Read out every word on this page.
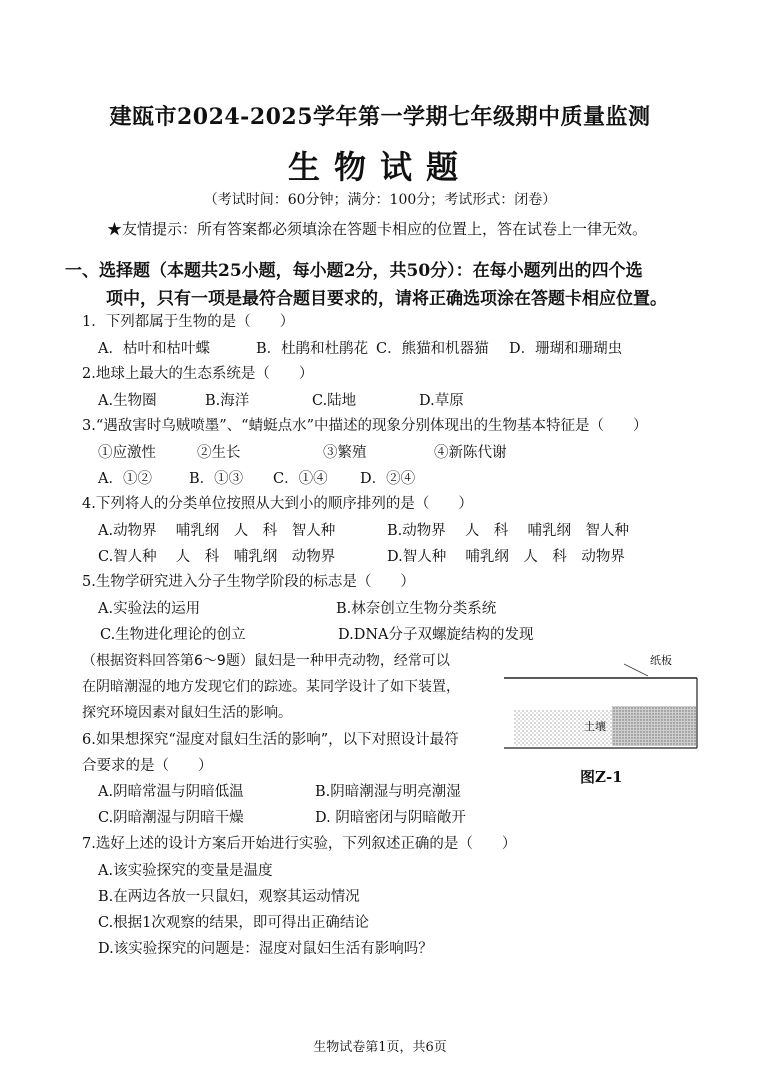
建瓯市2024-2025学年第一学期七年级期中质量监测
生物试题
（考试时间：60分钟；满分：100分；考试形式：闭卷）
★友情提示：所有答案都必须填涂在答题卡相应的位置上，答在试卷上一律无效。
一、选择题（本题共25小题，每小题2分，共50分）：在每小题列出的四个选
项中，只有一项是最符合题目要求的，请将正确选项涂在答题卡相应位置。
1．下列都属于生物的是（　　）
A．枯叶和枯叶蝶	B．杜鹃和杜鹃花 C．熊猫和机器猫 D．珊瑚和珊瑚虫
2.地球上最大的生态系统是（　　）
A.生物圈	B.海洋	C.陆地	D.草原
3.“遇敌害时乌贼喷墨”、“蜻蜓点水”中描述的现象分别体现出的生物基本特征是（　　）
①应激性	②生长	③繁殖	④新陈代谢
A．①②	B．①③ C．①④ D．②④
4.下列将人的分类单位按照从大到小的顺序排列的是（　　）
A.动物界　 哺乳纲　人　科　智人种	B.动物界　 人　科　 哺乳纲　智人种
C.智人种　 人　科　哺乳纲　动物界	D.智人种　 哺乳纲　人　科　动物界
5.生物学研究进入分子生物学阶段的标志是（　　）
A.实验法的运用	B.林奈创立生物分类系统
C.生物进化理论的创立	D.DNA分子双螺旋结构的发现
（根据资料回答第6～9题）鼠妇是一种甲壳动物，经常可以
在阴暗潮湿的地方发现它们的踪迹。某同学设计了如下装置，
探究环境因素对鼠妇生活的影响。
纸板
土壤
图Z-1
6.如果想探究“湿度对鼠妇生活的影响”，以下对照设计最符
合要求的是（　　）
A.阴暗常温与阴暗低温	B.阴暗潮湿与明亮潮湿
C.阴暗潮湿与阴暗干燥	D. 阴暗密闭与阴暗敞开
7.选好上述的设计方案后开始进行实验，下列叙述正确的是（　　）
A.该实验探究的变量是温度
B.在两边各放一只鼠妇，观察其运动情况
C.根据1次观察的结果，即可得出正确结论
D.该实验探究的问题是：湿度对鼠妇生活有影响吗？
生物试卷第1页，共6页
